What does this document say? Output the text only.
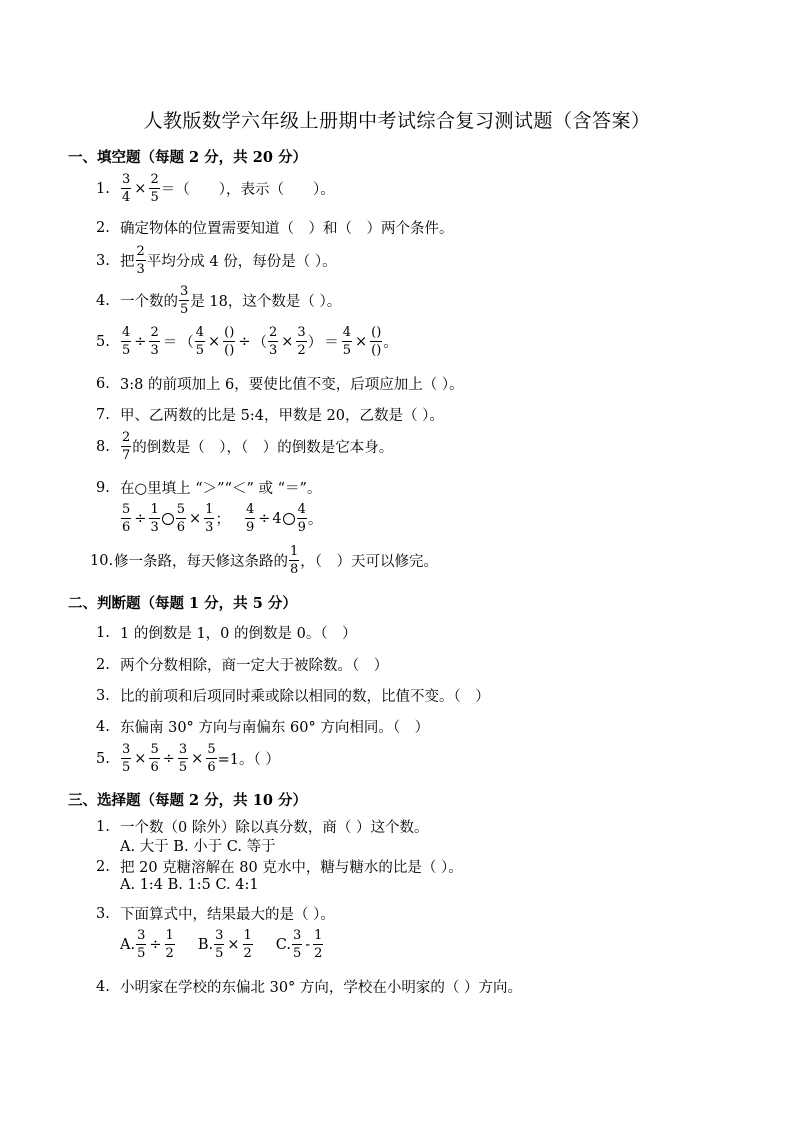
人教版数学六年级上册期中考试综合复习测试题（含答案）
一、填空题（每题 2 分，共 20 分）
1. $\frac{3}{4} \times \frac{2}{5}$ ＝（　　），表示（　　）。
2. 确定物体的位置需要知道（　）和（　）两个条件。
3. 把 $\frac{2}{3}$ 平均分成 4 份，每份是（ ）。
4. 一个数的 $\frac{3}{5}$ 是 18，这个数是（ ）。
5. $\frac{4}{5} \div \frac{2}{3}$ ＝ （ $\frac{4}{5} \times \frac{()}{()}$ ÷ （ $\frac{2}{3} \times \frac{3}{2}$ ） ＝ $\frac{4}{5} \times \frac{()}{()}$ 。
6. 3:8 的前项加上 6，要使比值不变，后项应加上（ ）。
7. 甲、乙两数的比是 5:4，甲数是 20，乙数是（ ）。
8. $\frac{2}{7}$ 的倒数是（　），（　）的倒数是它本身。
9. 在○里填上 “＞”“＜” 或 “＝”。
$\frac{5}{6} \div \frac{1}{3} \frac{5}{6} \times \frac{1}{3}$ ； $\frac{4}{9} \div 4 \frac{4}{9}$ 。
10. 修一条路，每天修这条路的 $\frac{1}{8}$ ，（　）天可以修完。
二、判断题（每题 1 分，共 5 分）
1. 1 的倒数是 1，0 的倒数是 0。（　）
2. 两个分数相除，商一定大于被除数。（　）
3. 比的前项和后项同时乘或除以相同的数，比值不变。（　）
4. 东偏南 30° 方向与南偏东 60° 方向相同。（　）
5. $\frac{3}{5} \times \frac{5}{6} \div \frac{3}{5} \times \frac{5}{6} =1$。（ ）
三、选择题（每题 2 分，共 10 分）
1. 一个数（0 除外）除以真分数，商（ ）这个数。
A. 大于 B. 小于 C. 等于
2. 把 20 克糖溶解在 80 克水中，糖与糖水的比是（ ）。
A. 1:4 B. 1:5 C. 4:1
3. 下面算式中，结果最大的是（ ）。
A. $\frac{3}{5} \div \frac{1}{2} B$. $\frac{3}{5} \times \frac{1}{2} C$. $\frac{3}{5} - \frac{1}{2}$
4. 小明家在学校的东偏北 30° 方向，学校在小明家的（ ）方向。
